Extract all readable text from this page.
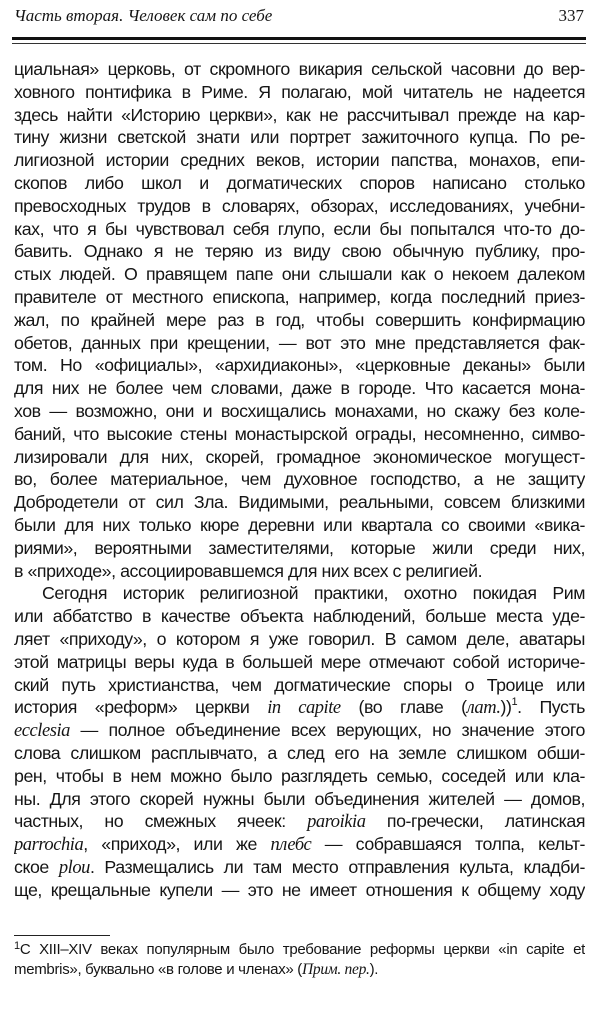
Часть вторая. Человек сам по себе	337
циальная» церковь, от скромного викария сельской часовни до вер-
ховного понтифика в Риме. Я полагаю, мой читатель не надеется
здесь найти «Историю церкви», как не рассчитывал прежде на кар-
тину жизни светской знати или портрет зажиточного купца. По ре-
лигиозной истории средних веков, истории папства, монахов, епи-
скопов либо школ и догматических споров написано столько
превосходных трудов в словарях, обзорах, исследованиях, учебни-
ках, что я бы чувствовал себя глупо, если бы попытался что-то до-
бавить. Однако я не теряю из виду свою обычную публику, про-
стых людей. О правящем папе они слышали как о некоем далеком
правителе от местного епископа, например, когда последний приез-
жал, по крайней мере раз в год, чтобы совершить конфирмацию
обетов, данных при крещении, — вот это мне представляется фак-
том. Но «официалы», «архидиаконы», «церковные деканы» были
для них не более чем словами, даже в городе. Что касается мона-
хов — возможно, они и восхищались монахами, но скажу без коле-
баний, что высокие стены монастырской ограды, несомненно, симво-
лизировали для них, скорей, громадное экономическое могущест-
во, более материальное, чем духовное господство, а не защиту
Добродетели от сил Зла. Видимыми, реальными, совсем близкими
были для них только кюре деревни или квартала со своими «вика-
риями», вероятными заместителями, которые жили среди них,
в «приходе», ассоциировавшемся для них всех с религией.
Сегодня историк религиозной практики, охотно покидая Рим
или аббатство в качестве объекта наблюдений, больше места уде-
ляет «приходу», о котором я уже говорил. В самом деле, аватары
этой матрицы веры куда в большей мере отмечают собой историче-
ский путь христианства, чем догматические споры о Троице или
история «реформ» церкви in capite (во главе (лат.))$^1$. Пусть
ecclesia — полное объединение всех верующих, но значение этого
слова слишком расплывчато, а след его на земле слишком обши-
рен, чтобы в нем можно было разглядеть семью, соседей или кла-
ны. Для этого скорей нужны были объединения жителей — домов,
частных, но смежных ячеек: paroikia по-гречески, латинская
parrochia, «приход», или же плебс — собравшаяся толпа, кельт-
ское plou. Размещались ли там место отправления культа, кладби-
ще, крещальные купели — это не имеет отношения к общему ходу
$^1$С XIII–XIV веках популярным было требование реформы церкви «in capite et
membris», буквально «в голове и членах» (Прим. пер.).
